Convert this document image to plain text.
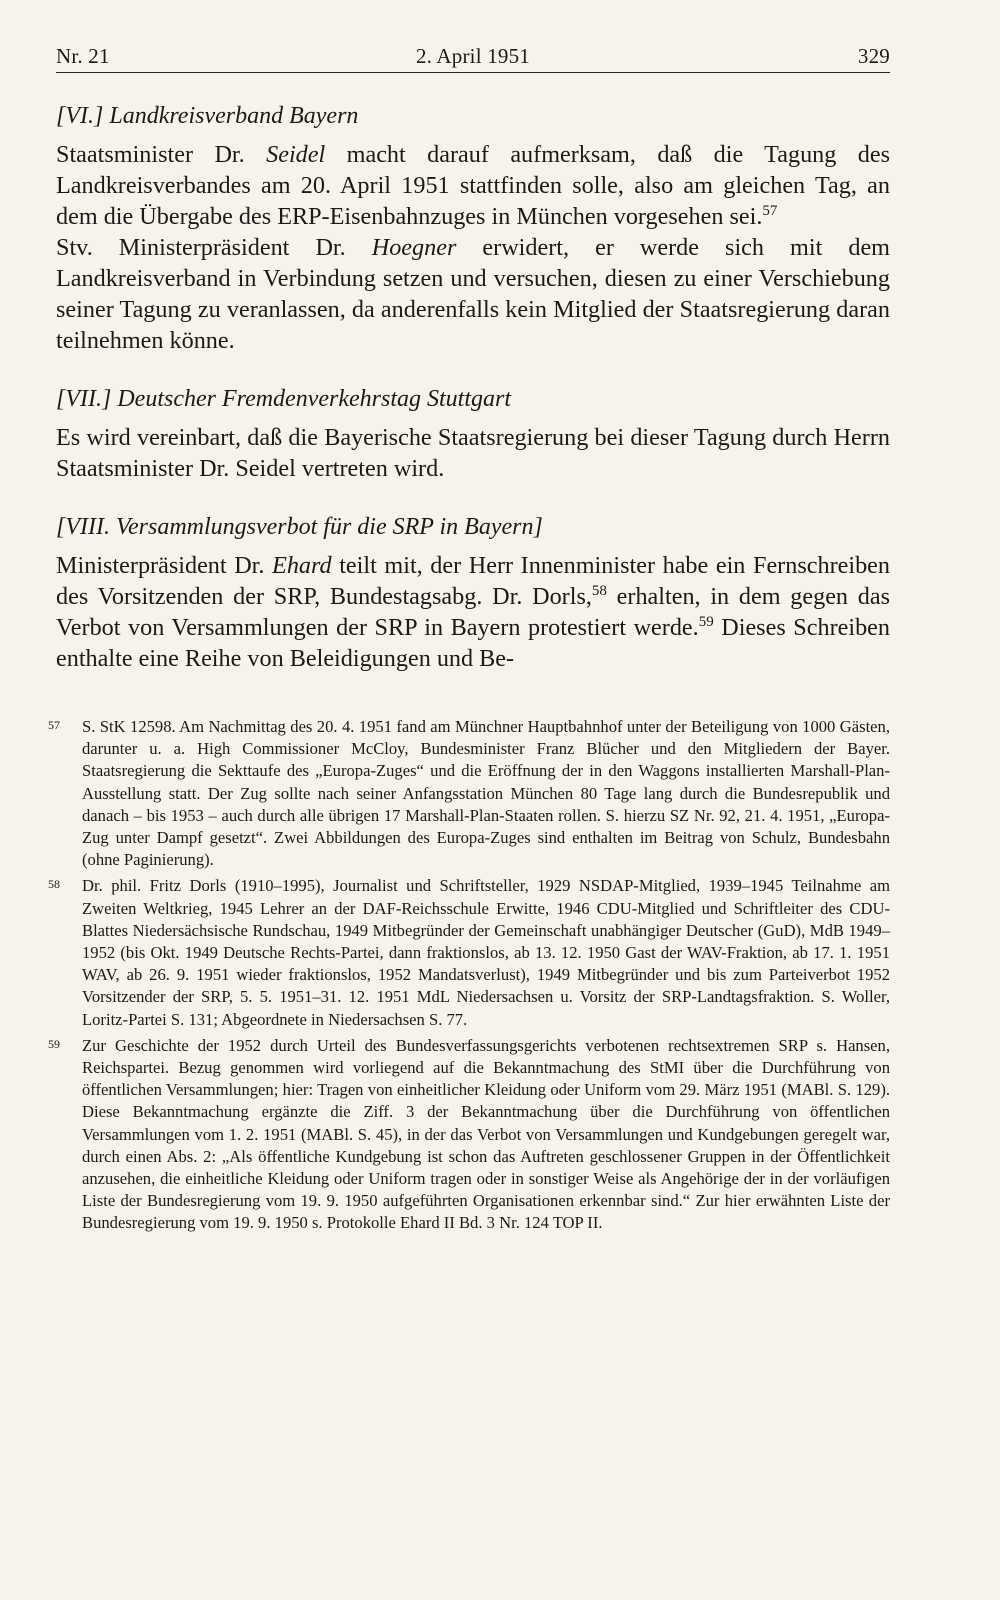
Nr. 21	2. April 1951	329
[VI.] Landkreisverband Bayern

Staatsminister Dr. Seidel macht darauf aufmerksam, daß die Tagung des Landkreisverbandes am 20. April 1951 stattfinden solle, also am gleichen Tag, an dem die Übergabe des ERP-Eisenbahnzuges in München vorgesehen sei.$^{57}$

Stv. Ministerpräsident Dr. Hoegner erwidert, er werde sich mit dem Landkreisverband in Verbindung setzen und versuchen, diesen zu einer Verschiebung seiner Tagung zu veranlassen, da anderenfalls kein Mitglied der Staatsregierung daran teilnehmen könne.

[VII.] Deutscher Fremdenverkehrstag Stuttgart

Es wird vereinbart, daß die Bayerische Staatsregierung bei dieser Tagung durch Herrn Staatsminister Dr. Seidel vertreten wird.

[VIII. Versammlungsverbot für die SRP in Bayern]

Ministerpräsident Dr. Ehard teilt mit, der Herr Innenminister habe ein Fernschreiben des Vorsitzenden der SRP, Bundestagsabg. Dr. Dorls,$^{58}$ erhalten, in dem gegen das Verbot von Versammlungen der SRP in Bayern protestiert werde.$^{59}$ Dieses Schreiben enthalte eine Reihe von Beleidigungen und Be-

57 S. StK 12598. Am Nachmittag des 20. 4. 1951 fand am Münchner Hauptbahnhof unter der Beteiligung von 1000 Gästen, darunter u. a. High Commissioner McCloy, Bundesminister Franz Blücher und den Mitgliedern der Bayer. Staatsregierung die Sekttaufe des „Europa-Zuges“ und die Eröffnung der in den Waggons installierten Marshall-Plan-Ausstellung statt. Der Zug sollte nach seiner Anfangsstation München 80 Tage lang durch die Bundesrepublik und danach – bis 1953 – auch durch alle übrigen 17 Marshall-Plan-Staaten rollen. S. hierzu SZ Nr. 92, 21. 4. 1951, „Europa-Zug unter Dampf gesetzt“. Zwei Abbildungen des Europa-Zuges sind enthalten im Beitrag von Schulz, Bundesbahn (ohne Paginierung).
58 Dr. phil. Fritz Dorls (1910–1995), Journalist und Schriftsteller, 1929 NSDAP-Mitglied, 1939–1945 Teilnahme am Zweiten Weltkrieg, 1945 Lehrer an der DAF-Reichsschule Erwitte, 1946 CDU-Mitglied und Schriftleiter des CDU-Blattes Niedersächsische Rundschau, 1949 Mitbegründer der Gemeinschaft unabhängiger Deutscher (GuD), MdB 1949–1952 (bis Okt. 1949 Deutsche Rechts-Partei, dann fraktionslos, ab 13. 12. 1950 Gast der WAV-Fraktion, ab 17. 1. 1951 WAV, ab 26. 9. 1951 wieder fraktionslos, 1952 Mandatsverlust), 1949 Mitbegründer und bis zum Parteiverbot 1952 Vorsitzender der SRP, 5. 5. 1951–31. 12. 1951 MdL Niedersachsen u. Vorsitz der SRP-Landtagsfraktion. S. Woller, Loritz-Partei S. 131; Abgeordnete in Niedersachsen S. 77.
59 Zur Geschichte der 1952 durch Urteil des Bundesverfassungsgerichts verbotenen rechtsextremen SRP s. Hansen, Reichspartei. Bezug genommen wird vorliegend auf die Bekanntmachung des StMI über die Durchführung von öffentlichen Versammlungen; hier: Tragen von einheitlicher Kleidung oder Uniform vom 29. März 1951 (MABl. S. 129). Diese Bekanntmachung ergänzte die Ziff. 3 der Bekanntmachung über die Durchführung von öffentlichen Versammlungen vom 1. 2. 1951 (MABl. S. 45), in der das Verbot von Versammlungen und Kundgebungen geregelt war, durch einen Abs. 2: „Als öffentliche Kundgebung ist schon das Auftreten geschlossener Gruppen in der Öffentlichkeit anzusehen, die einheitliche Kleidung oder Uniform tragen oder in sonstiger Weise als Angehörige der in der vorläufigen Liste der Bundesregierung vom 19. 9. 1950 aufgeführten Organisationen erkennbar sind.“ Zur hier erwähnten Liste der Bundesregierung vom 19. 9. 1950 s. Protokolle Ehard II Bd. 3 Nr. 124 TOP II.
